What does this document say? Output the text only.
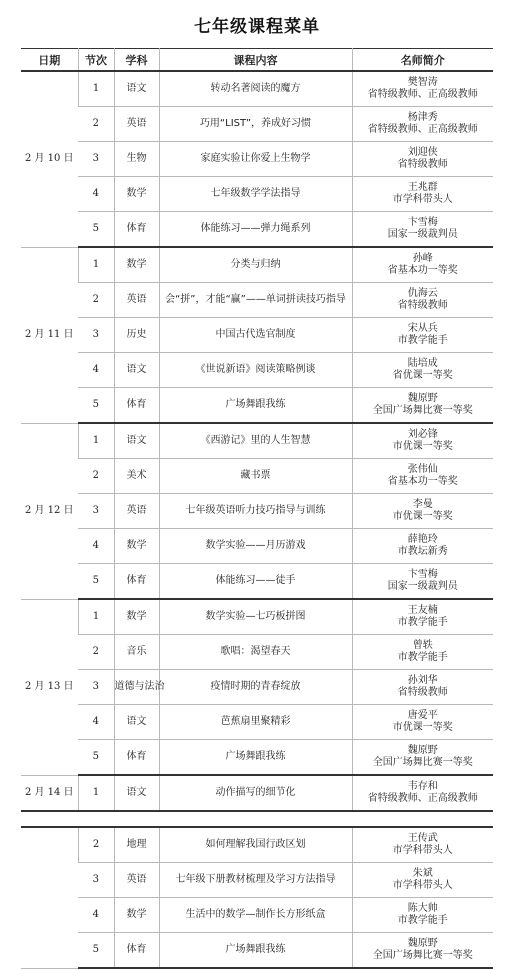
七年级课程菜单
日期	节次	学科	课程内容	名师简介
2 月 10 日	1	语文	转动名著阅读的魔方	樊智涛
省特级教师、正高级教师

	2	英语	巧用“LIST”，养成好习惯	杨津秀
省特级教师、正高级教师

	3	生物	家庭实验让你爱上生物学	刘迎侠
省特级教师

	4	数学	七年级数学学法指导	王兆群
市学科带头人

	5	体育	体能练习——弹力绳系列	卞雪梅
国家一级裁判员

2 月 11 日	1	数学	分类与归纳	孙峰
省基本功一等奖

	2	英语	会“拼”，才能“赢”——单词拼读技巧指导	仇海云
省特级教师

	3	历史	中国古代选官制度	宋从兵
市教学能手

	4	语文	《世说新语》阅读策略例谈	陆培成
省优课一等奖

	5	体育	广场舞跟我练	魏原野
全国广场舞比赛一等奖

2 月 12 日	1	语文	《西游记》里的人生智慧	刘必锋
市优课一等奖

	2	美术	藏书票	张伟仙
省基本功一等奖

	3	英语	七年级英语听力技巧指导与训练	李曼
市优课一等奖

	4	数学	数学实验——月历游戏	薛艳玲
市教坛新秀

	5	体育	体能练习——徒手	卞雪梅
国家一级裁判员

2 月 13 日	1	数学	数学实验—七巧板拼图	王友楠
市教学能手

	2	音乐	歌唱：渴望春天	曾轶
市教学能手

	3	道德与法治	疫情时期的青春绽放	孙刘华
省特级教师

	4	语文	芭蕉扇里聚精彩	唐爱平
市优课一等奖

	5	体育	广场舞跟我练	魏原野
全国广场舞比赛一等奖

2 月 14 日	1	语文	动作描写的细节化	韦存和
省特级教师、正高级教师

	2	地理	如何理解我国行政区划	王传武
市学科带头人

	3	英语	七年级下册教材梳理及学习方法指导	朱斌
市学科带头人

	4	数学	生活中的数学—制作长方形纸盒	陈大帅
市教学能手

	5	体育	广场舞跟我练	魏原野
全国广场舞比赛一等奖
